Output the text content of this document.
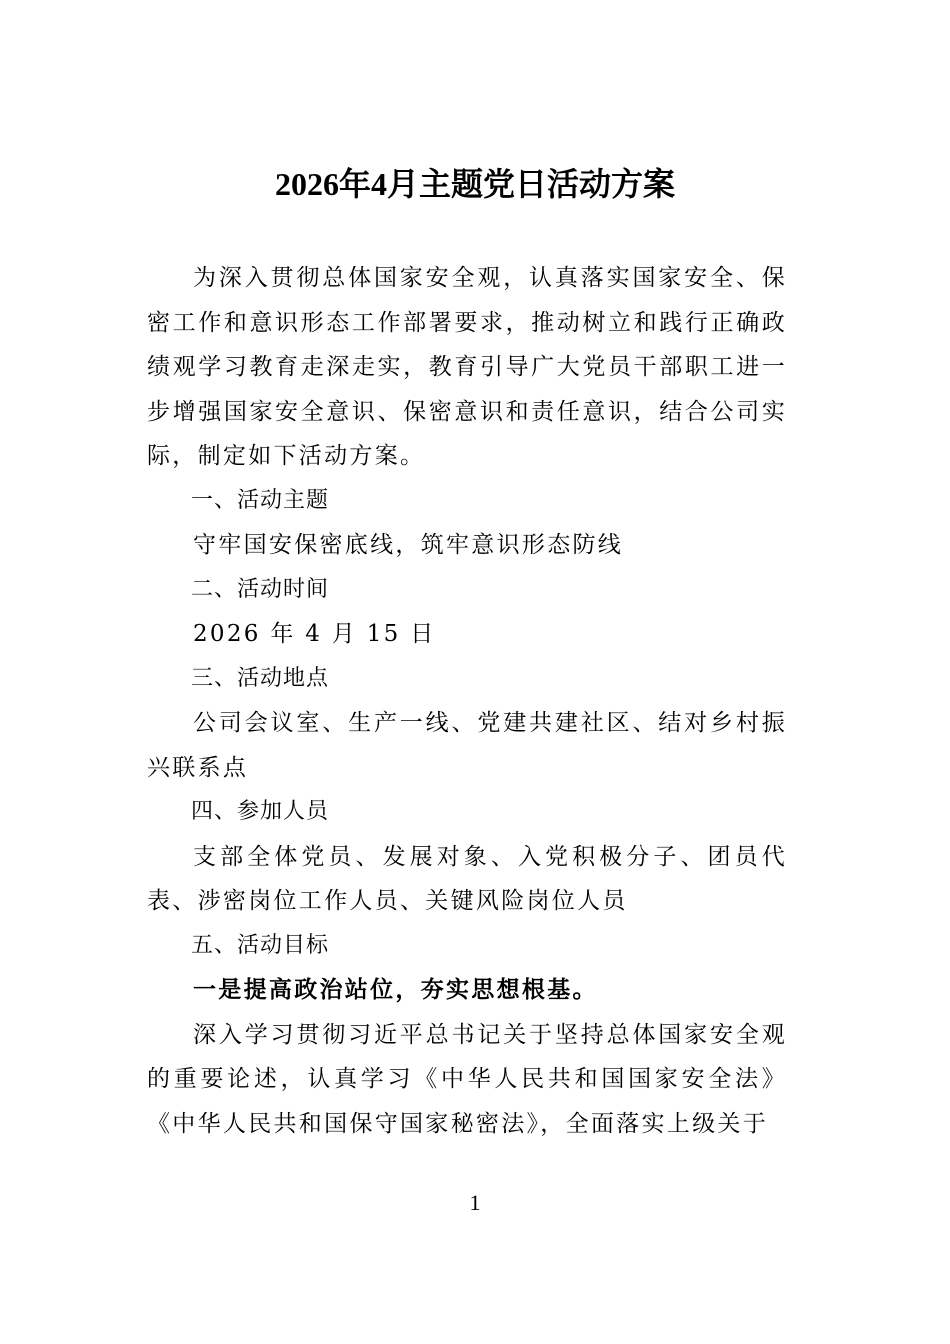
2026年4月主题党日活动方案

为深入贯彻总体国家安全观，认真落实国家安全、保密工作和意识形态工作部署要求，推动树立和践行正确政绩观学习教育走深走实，教育引导广大党员干部职工进一步增强国家安全意识、保密意识和责任意识，结合公司实际，制定如下活动方案。

一、活动主题

守牢国安保密底线，筑牢意识形态防线

二、活动时间

2026 年 4 月 15 日

三、活动地点

公司会议室、生产一线、党建共建社区、结对乡村振兴联系点

四、参加人员

支部全体党员、发展对象、入党积极分子、团员代表、涉密岗位工作人员、关键风险岗位人员

五、活动目标

一是提高政治站位，夯实思想根基。

深入学习贯彻习近平总书记关于坚持总体国家安全观的重要论述，认真学习《中华人民共和国国家安全法》《中华人民共和国保守国家秘密法》，全面落实上级关于

1
